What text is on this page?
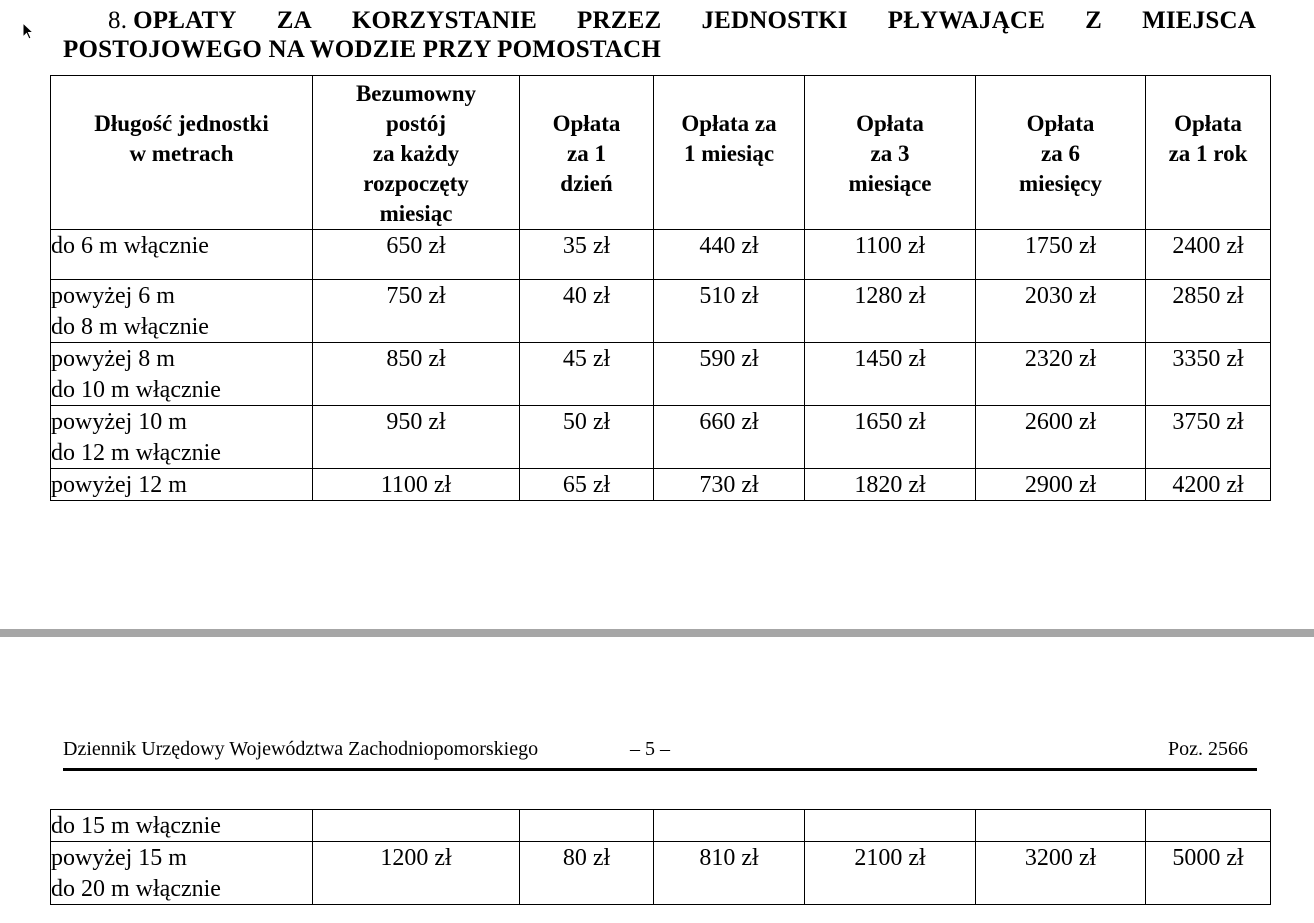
8. OPŁATY ZA KORZYSTANIE PRZEZ JEDNOSTKI PŁYWAJĄCE Z MIEJSCA
POSTOJOWEGO NA WODZIE PRZY POMOSTACH
Długość jednostki
w metrach	Bezumowny
postój
za każdy
rozpoczęty
miesiąc	Opłata
za 1
dzień	Opłata za
1 miesiąc	Opłata
za 3
miesiące	Opłata
za 6
miesięcy	Opłata
za 1 rok

do 6 m włącznie	650 zł	35 zł	440 zł	1100 zł	1750 zł	2400 zł

powyżej 6 m
do 8 m włącznie	750 zł	40 zł	510 zł	1280 zł	2030 zł	2850 zł

powyżej 8 m
do 10 m włącznie	850 zł	45 zł	590 zł	1450 zł	2320 zł	3350 zł

powyżej 10 m
do 12 m włącznie	950 zł	50 zł	660 zł	1650 zł	2600 zł	3750 zł

powyżej 12 m	1100 zł	65 zł	730 zł	1820 zł	2900 zł	4200 zł
Dziennik Urzędowy Województwa Zachodniopomorskiego	– 5 –	Poz. 2566
do 15 m włącznie						

powyżej 15 m
do 20 m włącznie	1200 zł	80 zł	810 zł	2100 zł	3200 zł	5000 zł
